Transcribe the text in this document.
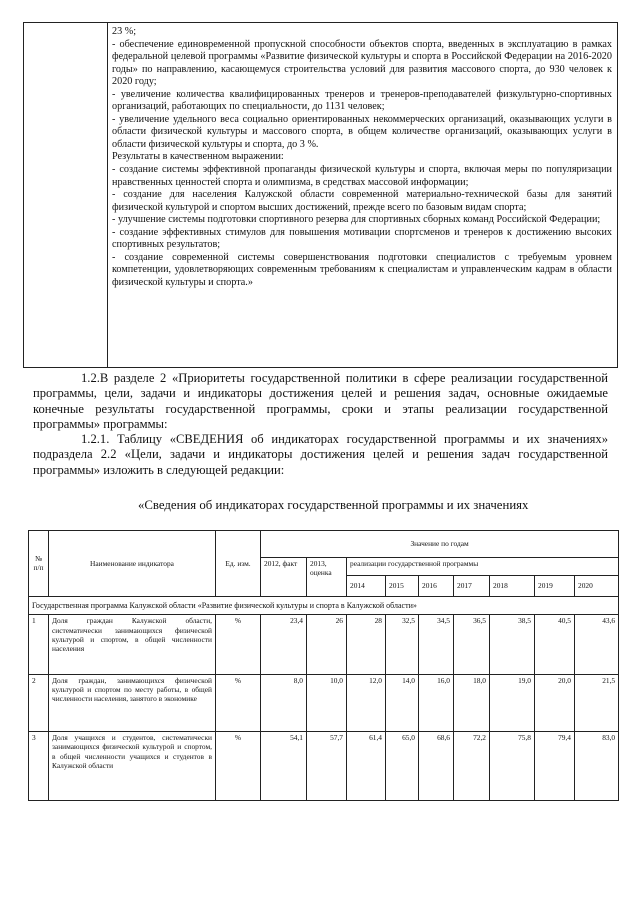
23 %;

- обеспечение единовременной пропускной способности объектов спорта, введенных в эксплуатацию в рамках федеральной целевой программы «Развитие физической культуры и спорта в Российской Федерации на 2016-2020 годы» по направлению, касающемуся строительства условий для развития массового спорта, до 930 человек к 2020 году;

- увеличение количества квалифицированных тренеров и тренеров-преподавателей физкультурно-спортивных организаций, работающих по специальности, до 1131 человек;

- увеличение удельного веса социально ориентированных некоммерческих организаций, оказывающих услуги в области физической культуры и массового спорта, в общем количестве организаций, оказывающих услуги в области физической культуры и спорта, до 3 %.

Результаты в качественном выражении:

- создание системы эффективной пропаганды физической культуры и спорта, включая меры по популяризации нравственных ценностей спорта и олимпизма, в средствах массовой информации;

- создание для населения Калужской области современной материально-технической базы для занятий физической культурой и спортом высших достижений, прежде всего по базовым видам спорта;

- улучшение системы подготовки спортивного резерва для спортивных сборных команд Российской Федерации;

- создание эффективных стимулов для повышения мотивации спортсменов и тренеров к достижению высоких спортивных результатов;

- создание современной системы совершенствования подготовки специалистов с требуемым уровнем компетенции, удовлетворяющих современным требованиям к специалистам и управленческим кадрам в области физической культуры и спорта.»

1.2.В разделе 2 «Приоритеты государственной политики в сфере реализации государственной программы, цели, задачи и индикаторы достижения целей и решения задач, основные ожидаемые конечные результаты государственной программы, сроки и этапы реализации государственной программы» программы:

1.2.1. Таблицу «СВЕДЕНИЯ об индикаторах государственной программы и их значениях» подраздела 2.2 «Цели, задачи и индикаторы достижения целей и решения задач государственной программы» изложить в следующей редакции:

«Сведения об индикаторах государственной программы и их значениях
№ п/п	Наименование индикатора	Ед. изм.	Значение по годам								
			2012, факт	2013, оценка	реализации государственной программы						
					2014	2015	2016	2017	2018	2019	2020
Государственная программа Калужской области «Развитие физической культуры и спорта в Калужской области»											
1	Доля граждан Калужской области, систематически занимающихся физической культурой и спортом, в общей численности населения	%	23,4	26	28	32,5	34,5	36,5	38,5	40,5	43,6
2	Доля граждан, занимающихся физической культурой и спортом по месту работы, в общей численности населения, занятого в экономике	%	8,0	10,0	12,0	14,0	16,0	18,0	19,0	20,0	21,5
3	Доля учащихся и студентов, систематически занимающихся физической культурой и спортом, в общей численности учащихся и студентов в Калужской области	%	54,1	57,7	61,4	65,0	68,6	72,2	75,8	79,4	83,0
